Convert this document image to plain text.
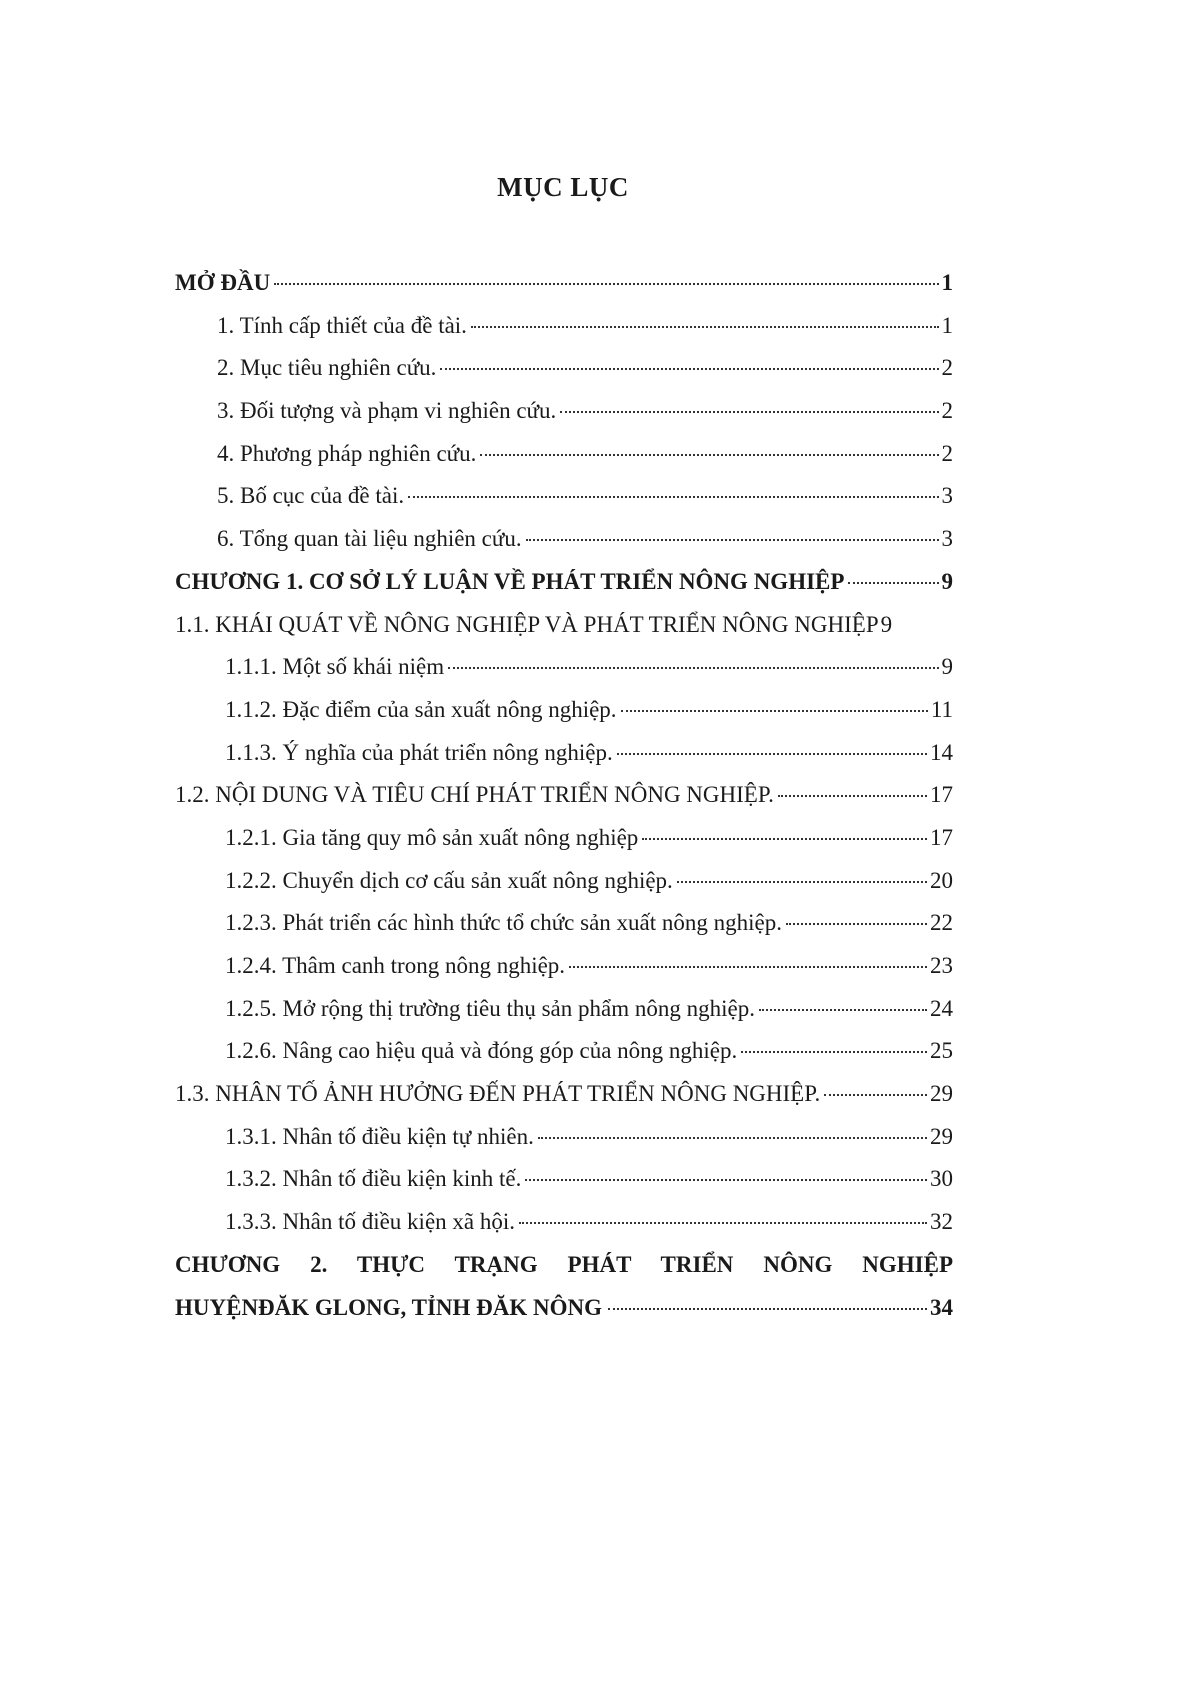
MỤC LỤC
MỞ ĐẦU	1
1. Tính cấp thiết của đề tài.	1
2. Mục tiêu nghiên cứu.	2
3. Đối tượng và phạm vi nghiên cứu.	2
4. Phương pháp nghiên cứu.	2
5. Bố cục của đề tài.	3
6. Tổng quan tài liệu nghiên cứu.	3
CHƯƠNG 1. CƠ SỞ LÝ LUẬN VỀ PHÁT TRIỂN NÔNG NGHIỆP	9
1.1. KHÁI QUÁT VỀ NÔNG NGHIỆP VÀ PHÁT TRIỂN NÔNG NGHIỆP 9
1.1.1. Một số khái niệm	9
1.1.2. Đặc điểm của sản xuất nông nghiệp.	11
1.1.3. Ý nghĩa của phát triển nông nghiệp.	14
1.2. NỘI DUNG VÀ TIÊU CHÍ PHÁT TRIỂN NÔNG NGHIỆP.	17
1.2.1. Gia tăng quy mô sản xuất nông nghiệp	17
1.2.2. Chuyển dịch cơ cấu sản xuất nông nghiệp.	20
1.2.3. Phát triển các hình thức tổ chức sản xuất nông nghiệp.	22
1.2.4. Thâm canh trong nông nghiệp.	23
1.2.5. Mở rộng thị trường tiêu thụ sản phẩm nông nghiệp.	24
1.2.6. Nâng cao hiệu quả và đóng góp của nông nghiệp.	25
1.3. NHÂN TỐ ẢNH HƯỞNG ĐẾN PHÁT TRIỂN NÔNG NGHIỆP.	29
1.3.1. Nhân tố điều kiện tự nhiên.	29
1.3.2. Nhân tố điều kiện kinh tế.	30
1.3.3. Nhân tố điều kiện xã hội.	32
CHƯƠNG 2. THỰC TRẠNG PHÁT TRIỂN NÔNG NGHIỆP
HUYỆNĐĂK GLONG, TỈNH ĐĂK NÔNG	34
